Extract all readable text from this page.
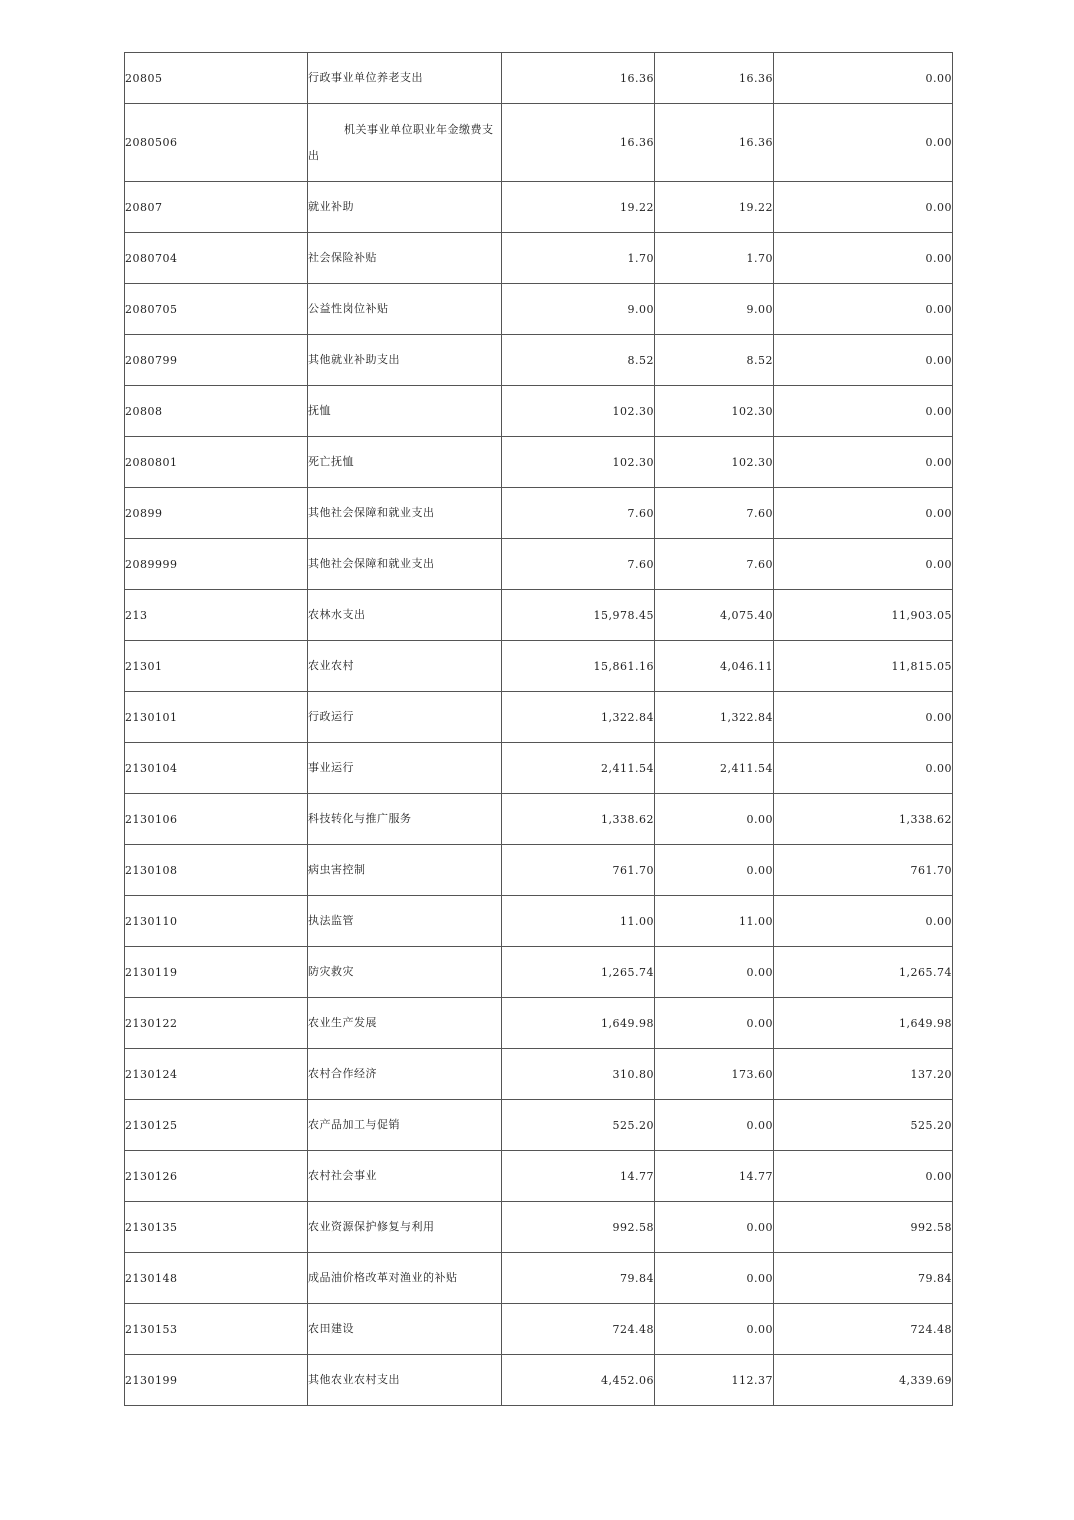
20805	行政事业单位养老支出	16.36	16.36	0.00
2080506	机关事业单位职业年金缴费支出	16.36	16.36	0.00
20807	就业补助	19.22	19.22	0.00
2080704	社会保险补贴	1.70	1.70	0.00
2080705	公益性岗位补贴	9.00	9.00	0.00
2080799	其他就业补助支出	8.52	8.52	0.00
20808	抚恤	102.30	102.30	0.00
2080801	死亡抚恤	102.30	102.30	0.00
20899	其他社会保障和就业支出	7.60	7.60	0.00
2089999	其他社会保障和就业支出	7.60	7.60	0.00
213	农林水支出	15,978.45	4,075.40	11,903.05
21301	农业农村	15,861.16	4,046.11	11,815.05
2130101	行政运行	1,322.84	1,322.84	0.00
2130104	事业运行	2,411.54	2,411.54	0.00
2130106	科技转化与推广服务	1,338.62	0.00	1,338.62
2130108	病虫害控制	761.70	0.00	761.70
2130110	执法监管	11.00	11.00	0.00
2130119	防灾救灾	1,265.74	0.00	1,265.74
2130122	农业生产发展	1,649.98	0.00	1,649.98
2130124	农村合作经济	310.80	173.60	137.20
2130125	农产品加工与促销	525.20	0.00	525.20
2130126	农村社会事业	14.77	14.77	0.00
2130135	农业资源保护修复与利用	992.58	0.00	992.58
2130148	成品油价格改革对渔业的补贴	79.84	0.00	79.84
2130153	农田建设	724.48	0.00	724.48
2130199	其他农业农村支出	4,452.06	112.37	4,339.69
